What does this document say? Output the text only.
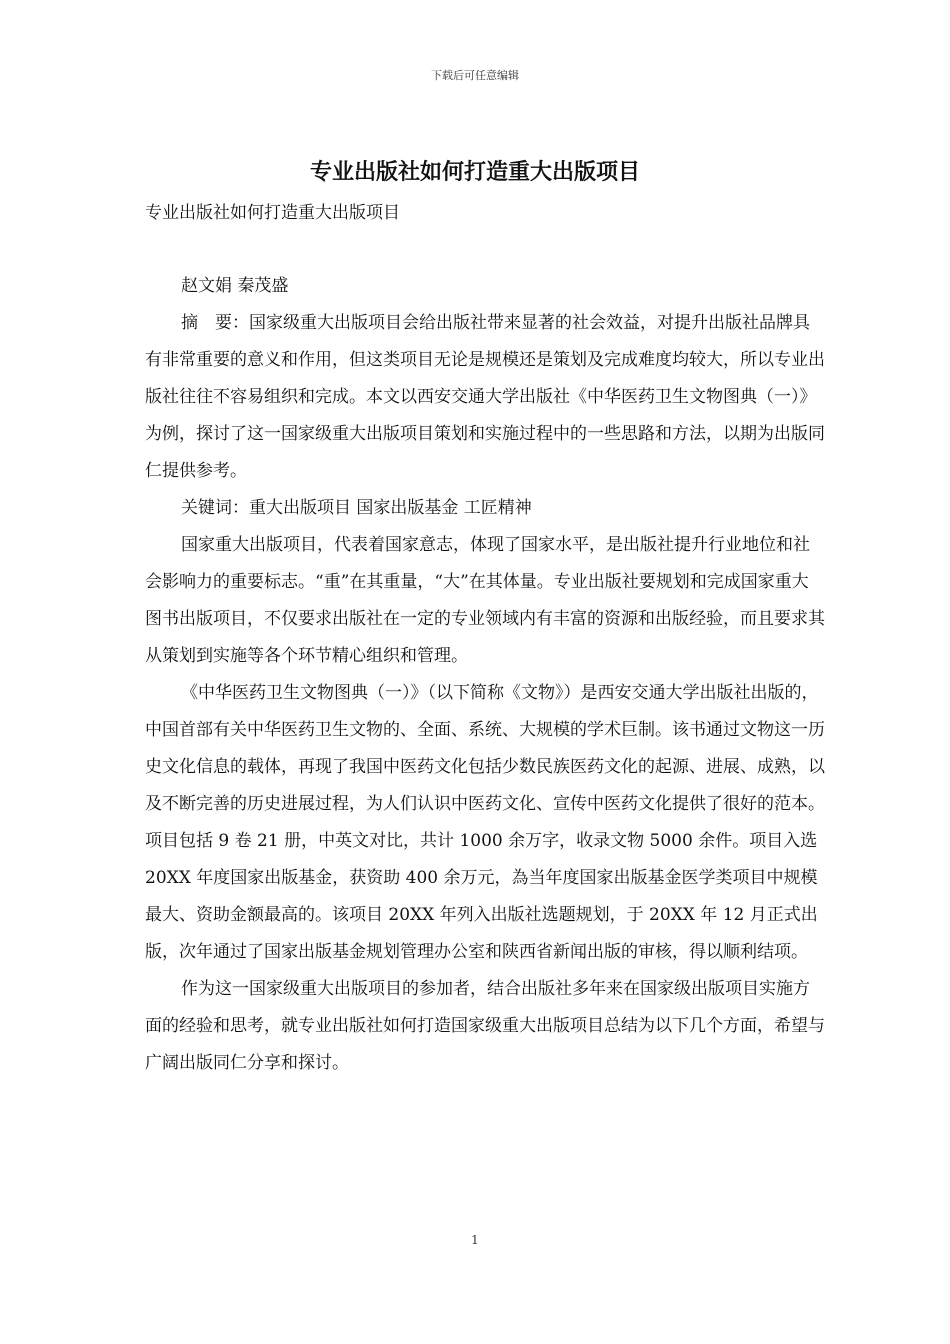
下载后可任意编辑
专业出版社如何打造重大出版项目

专业出版社如何打造重大出版项目

赵文娟 秦茂盛

摘　要：国家级重大出版项目会给出版社带来显著的社会效益，对提升出版社品牌具有非常重要的意义和作用，但这类项目无论是规模还是策划及完成难度均较大，所以专业出版社往往不容易组织和完成。本文以西安交通大学出版社《中华医药卫生文物图典（一）》为例，探讨了这一国家级重大出版项目策划和实施过程中的一些思路和方法，以期为出版同仁提供参考。

关键词：重大出版项目 国家出版基金 工匠精神

国家重大出版项目，代表着国家意志，体现了国家水平，是出版社提升行业地位和社会影响力的重要标志。“重”在其重量，“大”在其体量。专业出版社要规划和完成国家重大图书出版项目，不仅要求出版社在一定的专业领域内有丰富的资源和出版经验，而且要求其从策划到实施等各个环节精心组织和管理。

《中华医药卫生文物图典（一）》（以下简称《文物》）是西安交通大学出版社出版的，中国首部有关中华医药卫生文物的、全面、系统、大规模的学术巨制。该书通过文物这一历史文化信息的载体，再现了我国中医药文化包括少数民族医药文化的起源、进展、成熟，以及不断完善的历史进展过程，为人们认识中医药文化、宣传中医药文化提供了很好的范本。项目包括 9 卷 21 册，中英文对比，共计 1000 余万字，收录文物 5000 余件。项目入选 20XX 年度国家出版基金，获资助 400 余万元，為当年度国家出版基金医学类项目中规模最大、资助金额最高的。该项目 20XX 年列入出版社选题规划，于 20XX 年 12 月正式出版，次年通过了国家出版基金规划管理办公室和陕西省新闻出版的审核，得以顺利结项。

作为这一国家级重大出版项目的参加者，结合出版社多年来在国家级出版项目实施方面的经验和思考，就专业出版社如何打造国家级重大出版项目总结为以下几个方面，希望与广阔出版同仁分享和探讨。

1
